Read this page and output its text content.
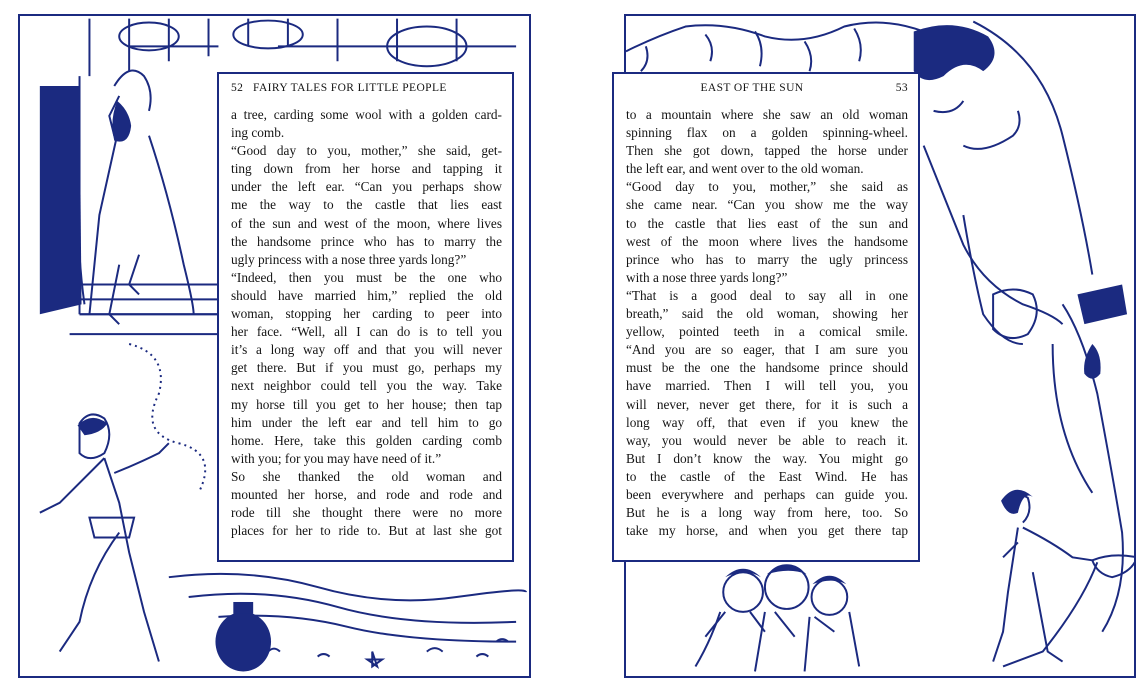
52 FAIRY TALES FOR LITTLE PEOPLE
a tree, carding some wool with a golden card-
ing comb.
“Good day to you, mother,” she said, get-
ting down from her horse and tapping it
under the left ear. “Can you perhaps show
me the way to the castle that lies east
of the sun and west of the moon, where lives
the handsome prince who has to marry the
ugly princess with a nose three yards long?”
“Indeed, then you must be the one who
should have married him,” replied the old
woman, stopping her carding to peer into
her face. “Well, all I can do is to tell you
it’s a long way off and that you will never
get there. But if you must go, perhaps my
next neighbor could tell you the way. Take
my horse till you get to her house; then tap
him under the left ear and tell him to go
home. Here, take this golden carding comb
with you; for you may have need of it.”
So she thanked the old woman and
mounted her horse, and rode and rode and
rode till she thought there were no more
places for her to ride to. But at last she got
EAST OF THE SUN	53
to a mountain where she saw an old woman
spinning flax on a golden spinning-wheel.
Then she got down, tapped the horse under
the left ear, and went over to the old woman.
“Good day to you, mother,” she said as
she came near. “Can you show me the way
to the castle that lies east of the sun and
west of the moon where lives the handsome
prince who has to marry the ugly princess
with a nose three yards long?”
“That is a good deal to say all in one
breath,” said the old woman, showing her
yellow, pointed teeth in a comical smile.
“And you are so eager, that I am sure you
must be the one the handsome prince should
have married. Then I will tell you, you
will never, never get there, for it is such a
long way off, that even if you knew the
way, you would never be able to reach it.
But I don’t know the way. You might go
to the castle of the East Wind. He has
been everywhere and perhaps can guide you.
But he is a long way from here, too. So
take my horse, and when you get there tap
